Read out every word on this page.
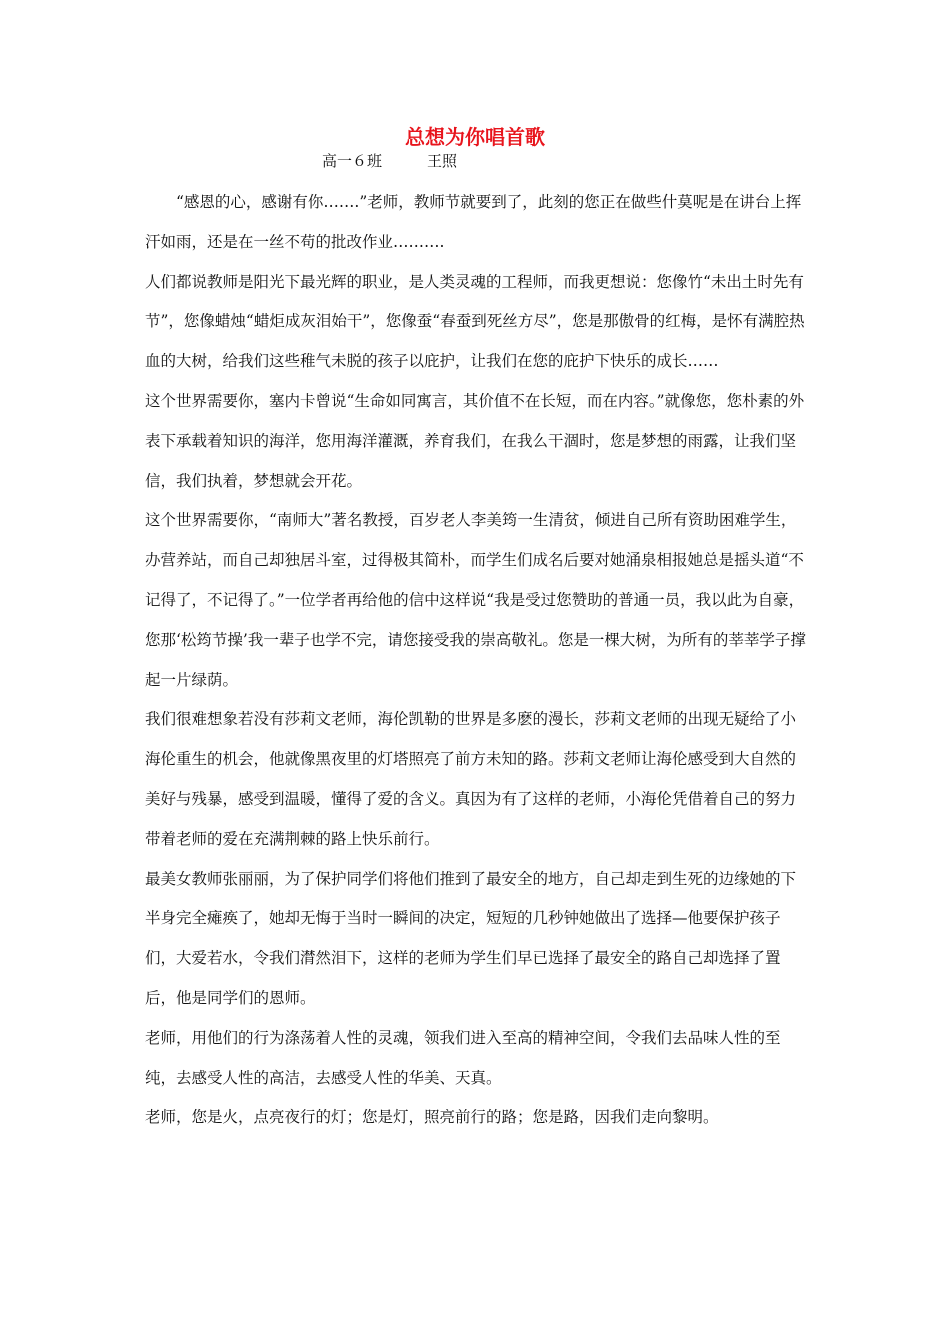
总想为你唱首歌
高一６班　　　王照

“感恩的心，感谢有你…….”老师，教师节就要到了，此刻的您正在做些什莫呢是在讲台上挥汗如雨，还是在一丝不苟的批改作业……….

人们都说教师是阳光下最光辉的职业，是人类灵魂的工程师，而我更想说：您像竹“未出土时先有节”，您像蜡烛“蜡炬成灰泪始干”，您像蚕“春蚕到死丝方尽”，您是那傲骨的红梅，是怀有满腔热血的大树，给我们这些稚气未脱的孩子以庇护，让我们在您的庇护下快乐的成长……

这个世界需要你，塞内卡曾说“生命如同寓言，其价值不在长短，而在内容。”就像您，您朴素的外表下承载着知识的海洋，您用海洋灌溉，养育我们，在我么干涸时，您是梦想的雨露，让我们坚信，我们执着，梦想就会开花。

这个世界需要你，“南师大”著名教授，百岁老人李美筠一生清贫，倾进自己所有资助困难学生，办营养站，而自己却独居斗室，过得极其简朴，而学生们成名后要对她涌泉相报她总是摇头道“不记得了，不记得了。”一位学者再给他的信中这样说“我是受过您赞助的普通一员，我以此为自豪，您那‘松筠节操’我一辈子也学不完，请您接受我的崇高敬礼。您是一棵大树，为所有的莘莘学子撑起一片绿荫。

我们很难想象若没有莎莉文老师，海伦凯勒的世界是多麽的漫长，莎莉文老师的出现无疑给了小海伦重生的机会，他就像黑夜里的灯塔照亮了前方未知的路。莎莉文老师让海伦感受到大自然的美好与残暴，感受到温暖，懂得了爱的含义。真因为有了这样的老师，小海伦凭借着自己的努力 带着老师的爱在充满荆棘的路上快乐前行。

最美女教师张丽丽，为了保护同学们将他们推到了最安全的地方，自己却走到生死的边缘她的下半身完全瘫痪了，她却无悔于当时一瞬间的决定，短短的几秒钟她做出了选择—他要保护孩子们，大爱若水，令我们潸然泪下，这样的老师为学生们早已选择了最安全的路自己却选择了置后，他是同学们的恩师。

老师，用他们的行为涤荡着人性的灵魂，领我们进入至高的精神空间，令我们去品味人性的至纯，去感受人性的高洁，去感受人性的华美、天真。

老师，您是火，点亮夜行的灯；您是灯，照亮前行的路；您是路，因我们走向黎明。
